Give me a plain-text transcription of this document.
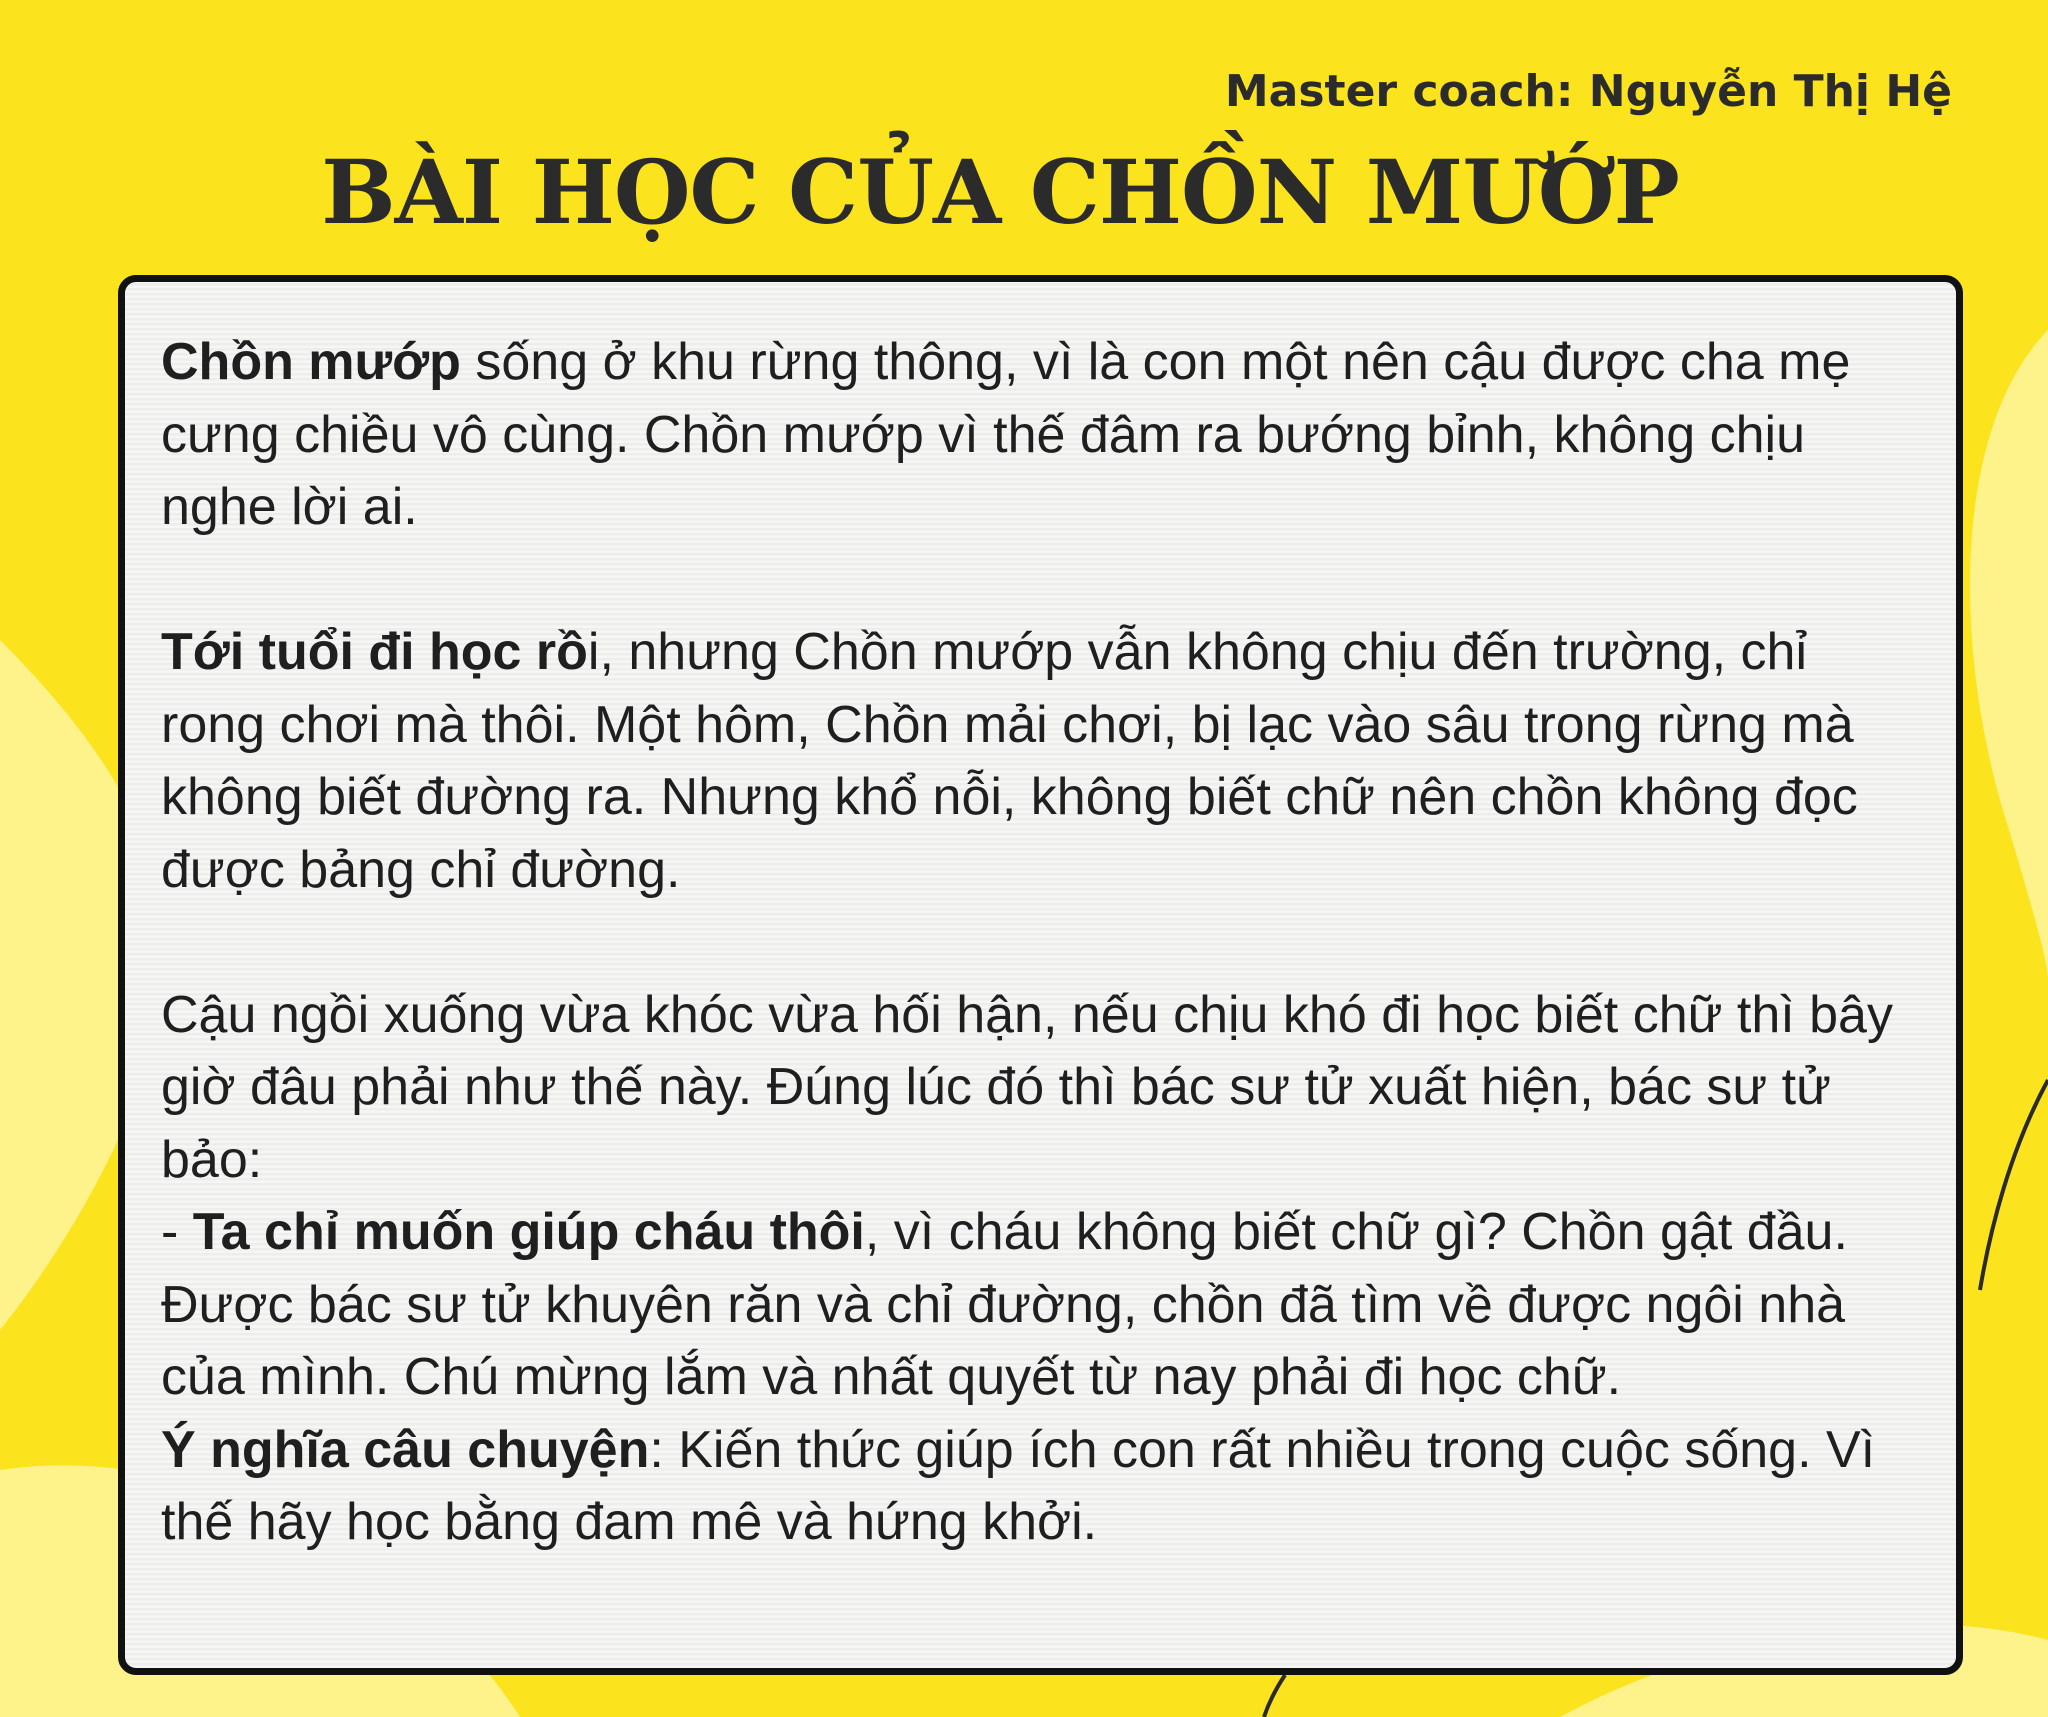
Master coach: Nguyễn Thị Hệ
BÀI HỌC CỦA CHỒN MƯỚP

Chồn mướp sống ở khu rừng thông, vì là con một nên cậu được cha mẹ cưng chiều vô cùng. Chồn mướp vì thế đâm ra bướng bỉnh, không chịu nghe lời ai.

Tới tuổi đi học rồi, nhưng Chồn mướp vẫn không chịu đến trường, chỉ rong chơi mà thôi. Một hôm, Chồn mải chơi, bị lạc vào sâu trong rừng mà không biết đường ra. Nhưng khổ nỗi, không biết chữ nên chồn không đọc được bảng chỉ đường.

Cậu ngồi xuống vừa khóc vừa hối hận, nếu chịu khó đi học biết chữ thì bây giờ đâu phải như thế này. Đúng lúc đó thì bác sư tử xuất hiện, bác sư tử bảo:

- Ta chỉ muốn giúp cháu thôi, vì cháu không biết chữ gì? Chồn gật đầu. Được bác sư tử khuyên răn và chỉ đường, chồn đã tìm về được ngôi nhà của mình. Chú mừng lắm và nhất quyết từ nay phải đi học chữ.

Ý nghĩa câu chuyện: Kiến thức giúp ích con rất nhiều trong cuộc sống. Vì thế hãy học bằng đam mê và hứng khởi.
